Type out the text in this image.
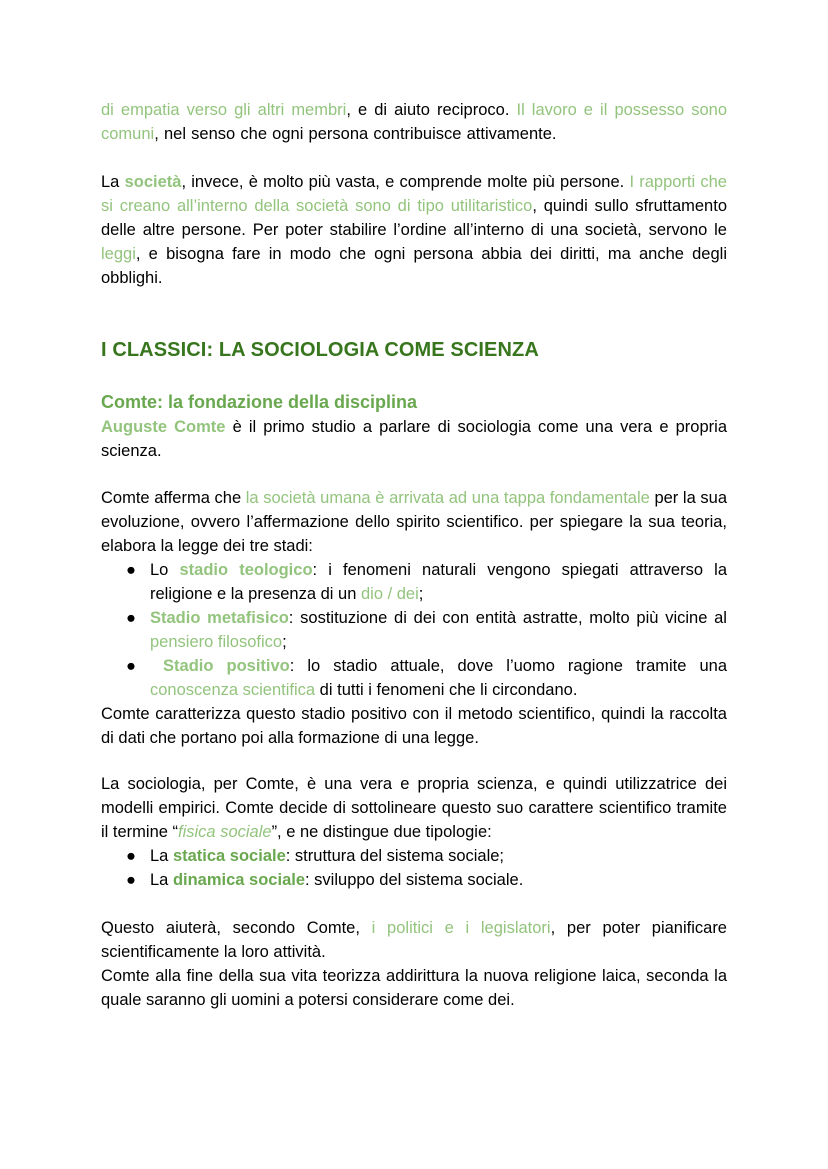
di empatia verso gli altri membri, e di aiuto reciproco. Il lavoro e il possesso sono comuni, nel senso che ogni persona contribuisce attivamente.

La società, invece, è molto più vasta, e comprende molte più persone. I rapporti che si creano all’interno della società sono di tipo utilitaristico, quindi sullo sfruttamento delle altre persone. Per poter stabilire l’ordine all’interno di una società, servono le leggi, e bisogna fare in modo che ogni persona abbia dei diritti, ma anche degli obblighi.

I CLASSICI: LA SOCIOLOGIA COME SCIENZA
Comte: la fondazione della disciplina

Auguste Comte è il primo studio a parlare di sociologia come una vera e propria scienza.

Comte afferma che la società umana è arrivata ad una tappa fondamentale per la sua evoluzione, ovvero l’affermazione dello spirito scientifico. per spiegare la sua teoria, elabora la legge dei tre stadi:

● Lo stadio teologico: i fenomeni naturali vengono spiegati attraverso la religione e la presenza di un dio / dei;
● Stadio metafisico: sostituzione di dei con entità astratte, molto più vicine al pensiero filosofico;
● Stadio positivo: lo stadio attuale, dove l’uomo ragione tramite una conoscenza scientifica di tutti i fenomeni che li circondano.

Comte caratterizza questo stadio positivo con il metodo scientifico, quindi la raccolta di dati che portano poi alla formazione di una legge.

La sociologia, per Comte, è una vera e propria scienza, e quindi utilizzatrice dei modelli empirici. Comte decide di sottolineare questo suo carattere scientifico tramite il termine “fisica sociale”, e ne distingue due tipologie:

● La statica sociale: struttura del sistema sociale;
● La dinamica sociale: sviluppo del sistema sociale.

Questo aiuterà, secondo Comte, i politici e i legislatori, per poter pianificare scientificamente la loro attività.

Comte alla fine della sua vita teorizza addirittura la nuova religione laica, seconda la quale saranno gli uomini a potersi considerare come dei.
